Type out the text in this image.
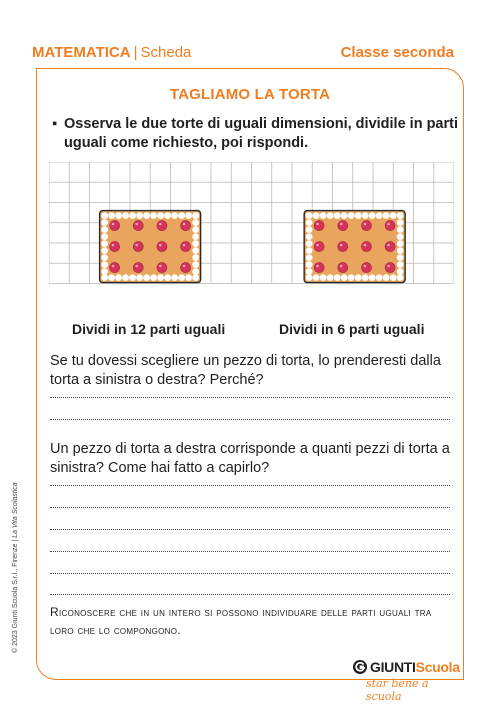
MATEMATICA | Scheda	Classe seconda
TAGLIAMO LA TORTA
▪ Osserva le due torte di uguali dimensioni, dividile in parti uguali come richiesto, poi rispondi.
Dividi in 12 parti uguali	Dividi in 6 parti uguali
Se tu dovessi scegliere un pezzo di torta, lo prenderesti dalla torta a sinistra o destra? Perché?
Un pezzo di torta a destra corrisponde a quanti pezzi di torta a sinistra? Come hai fatto a capirlo?
Riconoscere che in un intero si possono individuare delle parti uguali tra loro che lo compongono.
© 2023 Giunti Scuola S.r.l., Firenze | La Vita Scolastica
GIUNTIScuola
star bene a scuola
